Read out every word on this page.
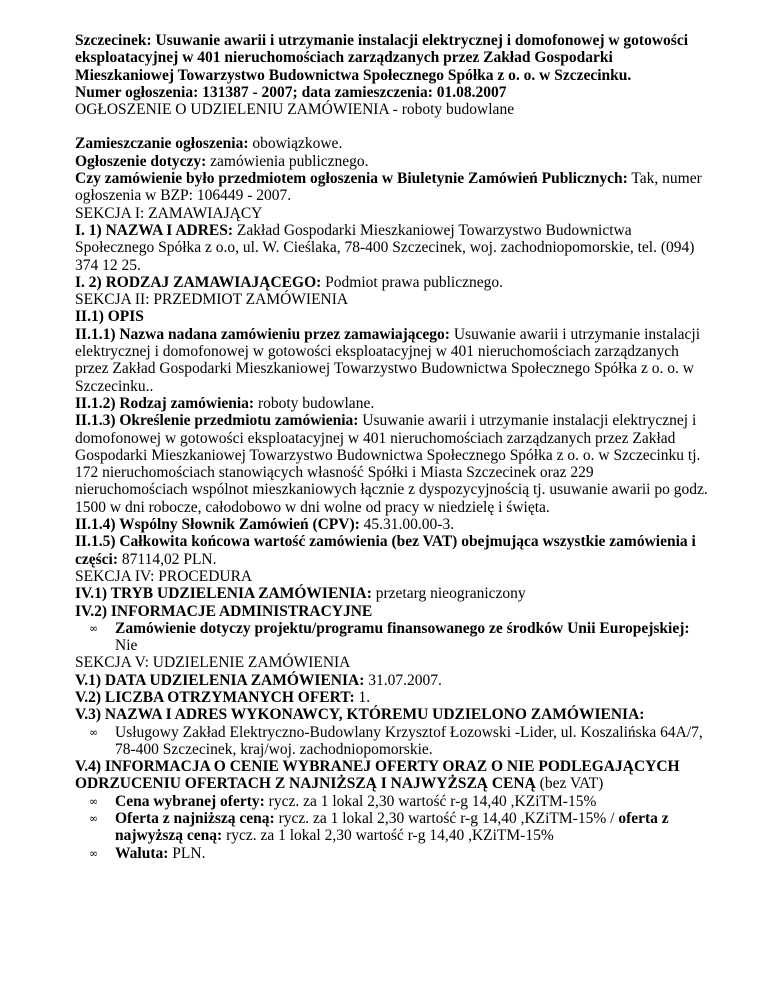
Szczecinek: Usuwanie awarii i utrzymanie instalacji elektrycznej i domofonowej w gotowości eksploatacyjnej w 401 nieruchomościach zarządzanych przez Zakład Gospodarki Mieszkaniowej Towarzystwo Budownictwa Społecznego Spółka z o. o. w Szczecinku.

Numer ogłoszenia: 131387 - 2007; data zamieszczenia: 01.08.2007

OGŁOSZENIE O UDZIELENIU ZAMÓWIENIA - roboty budowlane

Zamieszczanie ogłoszenia: obowiązkowe.

Ogłoszenie dotyczy: zamówienia publicznego.

Czy zamówienie było przedmiotem ogłoszenia w Biuletynie Zamówień Publicznych: Tak, numer ogłoszenia w BZP: 106449 - 2007.

SEKCJA I: ZAMAWIAJĄCY

I. 1) NAZWA I ADRES: Zakład Gospodarki Mieszkaniowej Towarzystwo Budownictwa Społecznego Spółka z o.o, ul. W. Cieślaka, 78-400 Szczecinek, woj. zachodniopomorskie, tel. (094) 374 12 25.

I. 2) RODZAJ ZAMAWIAJĄCEGO: Podmiot prawa publicznego.

SEKCJA II: PRZEDMIOT ZAMÓWIENIA

II.1) OPIS

II.1.1) Nazwa nadana zamówieniu przez zamawiającego: Usuwanie awarii i utrzymanie instalacji elektrycznej i domofonowej w gotowości eksploatacyjnej w 401 nieruchomościach zarządzanych przez Zakład Gospodarki Mieszkaniowej Towarzystwo Budownictwa Społecznego Spółka z o. o. w Szczecinku..

II.1.2) Rodzaj zamówienia: roboty budowlane.

II.1.3) Określenie przedmiotu zamówienia: Usuwanie awarii i utrzymanie instalacji elektrycznej i domofonowej w gotowości eksploatacyjnej w 401 nieruchomościach zarządzanych przez Zakład Gospodarki Mieszkaniowej Towarzystwo Budownictwa Społecznego Spółka z o. o. w Szczecinku tj. 172 nieruchomościach stanowiących własność Spółki i Miasta Szczecinek oraz 229 nieruchomościach wspólnot mieszkaniowych łącznie z dyspozycyjnością tj. usuwanie awarii po godz. 1500 w dni robocze, całodobowo w dni wolne od pracy w niedzielę i święta.

II.1.4) Wspólny Słownik Zamówień (CPV): 45.31.00.00-3.

II.1.5) Całkowita końcowa wartość zamówienia (bez VAT) obejmująca wszystkie zamówienia i części: 87114,02 PLN.

SEKCJA IV: PROCEDURA

IV.1) TRYB UDZIELENIA ZAMÓWIENIA: przetarg nieograniczony

IV.2) INFORMACJE ADMINISTRACYJNE

∞ Zamówienie dotyczy projektu/programu finansowanego ze środków Unii Europejskiej: Nie

SEKCJA V: UDZIELENIE ZAMÓWIENIA

V.1) DATA UDZIELENIA ZAMÓWIENIA: 31.07.2007.

V.2) LICZBA OTRZYMANYCH OFERT: 1.

V.3) NAZWA I ADRES WYKONAWCY, KTÓREMU UDZIELONO ZAMÓWIENIA:

∞ Usługowy Zakład Elektryczno-Budowlany Krzysztof Łozowski -Lider, ul. Koszalińska 64A/7, 78-400 Szczecinek, kraj/woj. zachodniopomorskie.

V.4) INFORMACJA O CENIE WYBRANEJ OFERTY ORAZ O NIE PODLEGAJĄCYCH ODRZUCENIU OFERTACH Z NAJNIŻSZĄ I NAJWYŻSZĄ CENĄ (bez VAT)

∞ Cena wybranej oferty: rycz. za 1 lokal 2,30 wartość r-g 14,40 ,KZiTM-15%
∞ Oferta z najniższą ceną: rycz. za 1 lokal 2,30 wartość r-g 14,40 ,KZiTM-15% / oferta z najwyższą ceną: rycz. za 1 lokal 2,30 wartość r-g 14,40 ,KZiTM-15%
∞ Waluta: PLN.
